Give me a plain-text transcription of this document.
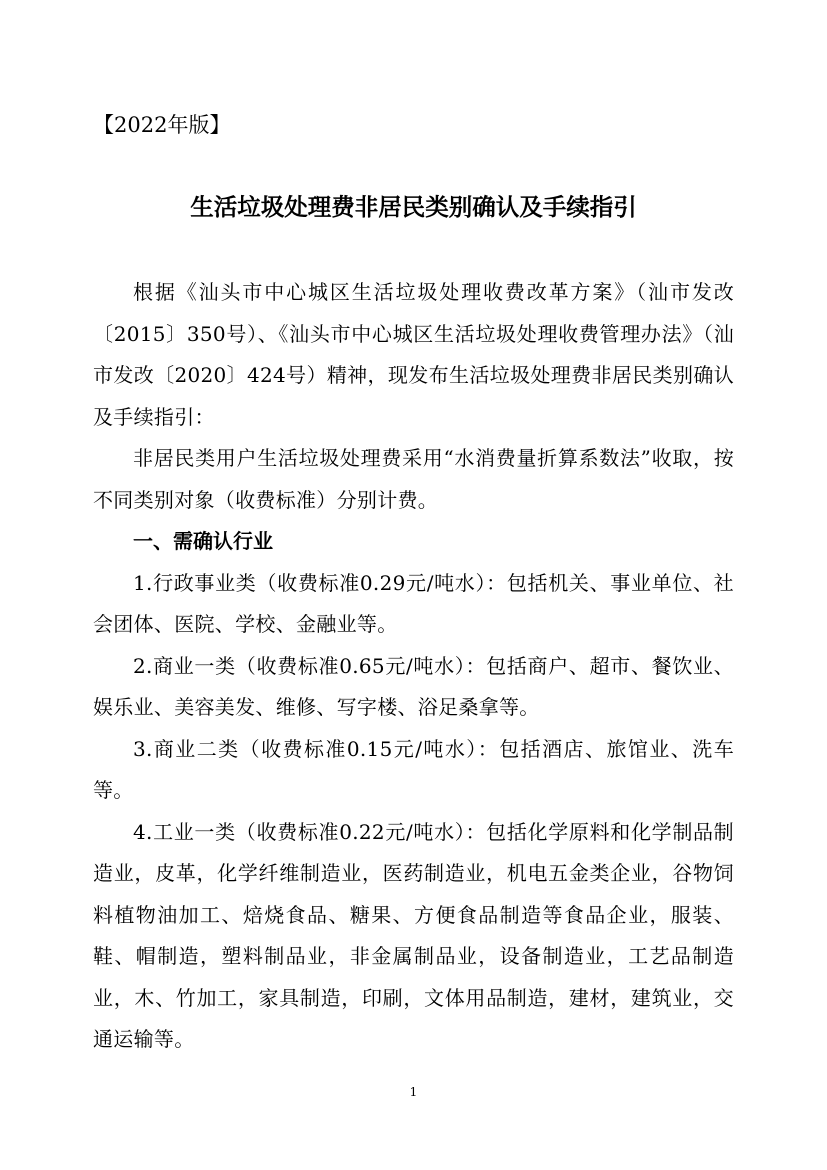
【2022年版】
生活垃圾处理费非居民类别确认及手续指引

根据《汕头市中心城区生活垃圾处理收费改革方案》（汕市发改〔2015〕350号）、《汕头市中心城区生活垃圾处理收费管理办法》（汕市发改〔2020〕424号）精神，现发布生活垃圾处理费非居民类别确认及手续指引：

非居民类用户生活垃圾处理费采用“水消费量折算系数法”收取，按不同类别对象（收费标准）分别计费。

一、需确认行业

1.行政事业类（收费标准0.29元/吨水）：包括机关、事业单位、社会团体、医院、学校、金融业等。

2.商业一类（收费标准0.65元/吨水）：包括商户、超市、餐饮业、娱乐业、美容美发、维修、写字楼、浴足桑拿等。

3.商业二类（收费标准0.15元/吨水）：包括酒店、旅馆业、洗车等。

4.工业一类（收费标准0.22元/吨水）：包括化学原料和化学制品制造业，皮革，化学纤维制造业，医药制造业，机电五金类企业，谷物饲料植物油加工、焙烧食品、糖果、方便食品制造等食品企业，服装、鞋、帽制造，塑料制品业，非金属制品业，设备制造业，工艺品制造业，木、竹加工，家具制造，印刷，文体用品制造，建材，建筑业，交通运输等。

1
